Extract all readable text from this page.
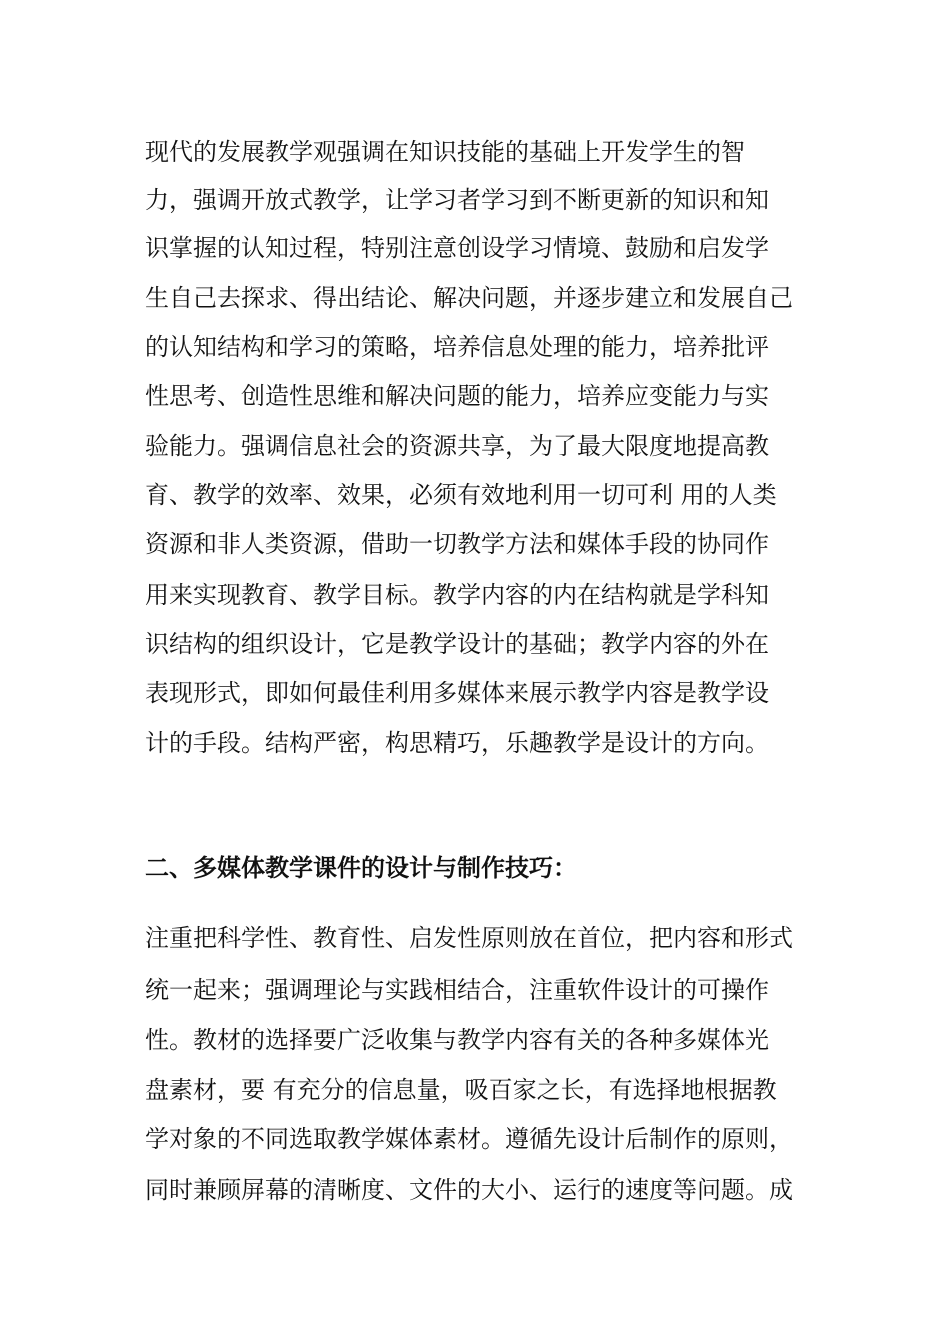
现代的发展教学观强调在知识技能的基础上开发学生的智
力，强调开放式教学，让学习者学习到不断更新的知识和知
识掌握的认知过程，特别注意创设学习情境、鼓励和启发学
生自己去探求、得出结论、解决问题，并逐步建立和发展自己
的认知结构和学习的策略，培养信息处理的能力，培养批评
性思考、创造性思维和解决问题的能力，培养应变能力与实
验能力。强调信息社会的资源共享，为了最大限度地提高教
育、教学的效率、效果，必须有效地利用一切可利 用的人类
资源和非人类资源，借助一切教学方法和媒体手段的协同作
用来实现教育、教学目标。教学内容的内在结构就是学科知
识结构的组织设计，它是教学设计的基础；教学内容的外在
表现形式，即如何最佳利用多媒体来展示教学内容是教学设
计的手段。结构严密，构思精巧，乐趣教学是设计的方向。
二、多媒体教学课件的设计与制作技巧：
注重把科学性、教育性、启发性原则放在首位，把内容和形式
统一起来；强调理论与实践相结合，注重软件设计的可操作
性。教材的选择要广泛收集与教学内容有关的各种多媒体光
盘素材，要 有充分的信息量，吸百家之长，有选择地根据教
学对象的不同选取教学媒体素材。遵循先设计后制作的原则，
同时兼顾屏幕的清晰度、文件的大小、运行的速度等问题。成
